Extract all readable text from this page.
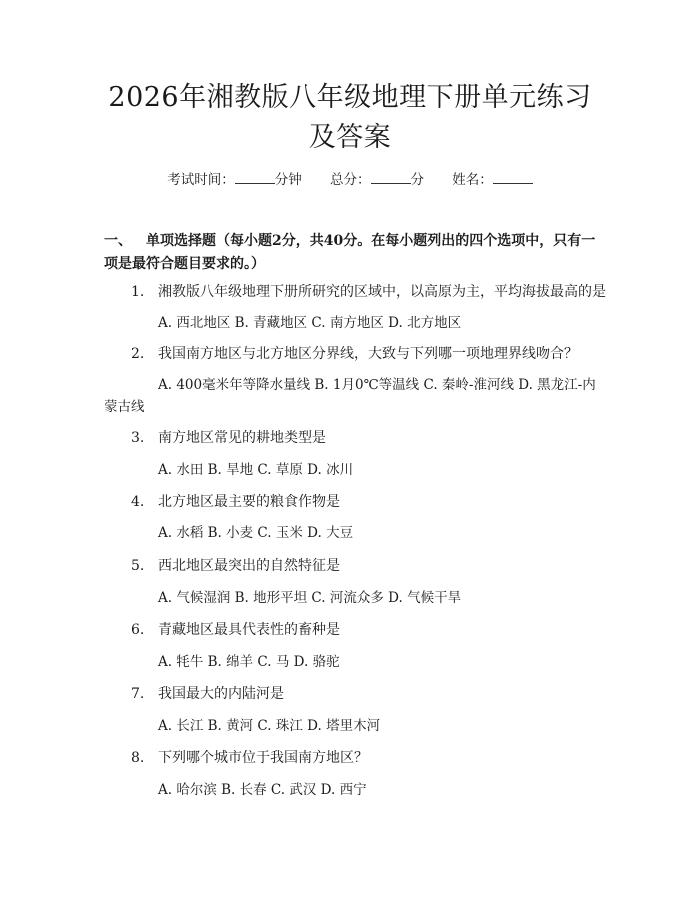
2026年湘教版八年级地理下册单元练习及答案
考试时间：	分钟 总分：	分 姓名：

一、 单项选择题（每小题2分，共40分。在每小题列出的四个选项中，只有一项是最符合题目要求的。）

1. 湘教版八年级地理下册所研究的区域中，以高原为主，平均海拔最高的是
A. 西北地区 B. 青藏地区 C. 南方地区 D. 北方地区
2. 我国南方地区与北方地区分界线，大致与下列哪一项地理界线吻合？
A. 400毫米年等降水量线 B. 1月0℃等温线 C. 秦岭-淮河线 D. 黑龙江-内蒙古线
3. 南方地区常见的耕地类型是
A. 水田 B. 旱地 C. 草原 D. 冰川
4. 北方地区最主要的粮食作物是
A. 水稻 B. 小麦 C. 玉米 D. 大豆
5. 西北地区最突出的自然特征是
A. 气候湿润 B. 地形平坦 C. 河流众多 D. 气候干旱
6. 青藏地区最具代表性的畜种是
A. 牦牛 B. 绵羊 C. 马 D. 骆驼
7. 我国最大的内陆河是
A. 长江 B. 黄河 C. 珠江 D. 塔里木河
8. 下列哪个城市位于我国南方地区？
A. 哈尔滨 B. 长春 C. 武汉 D. 西宁
